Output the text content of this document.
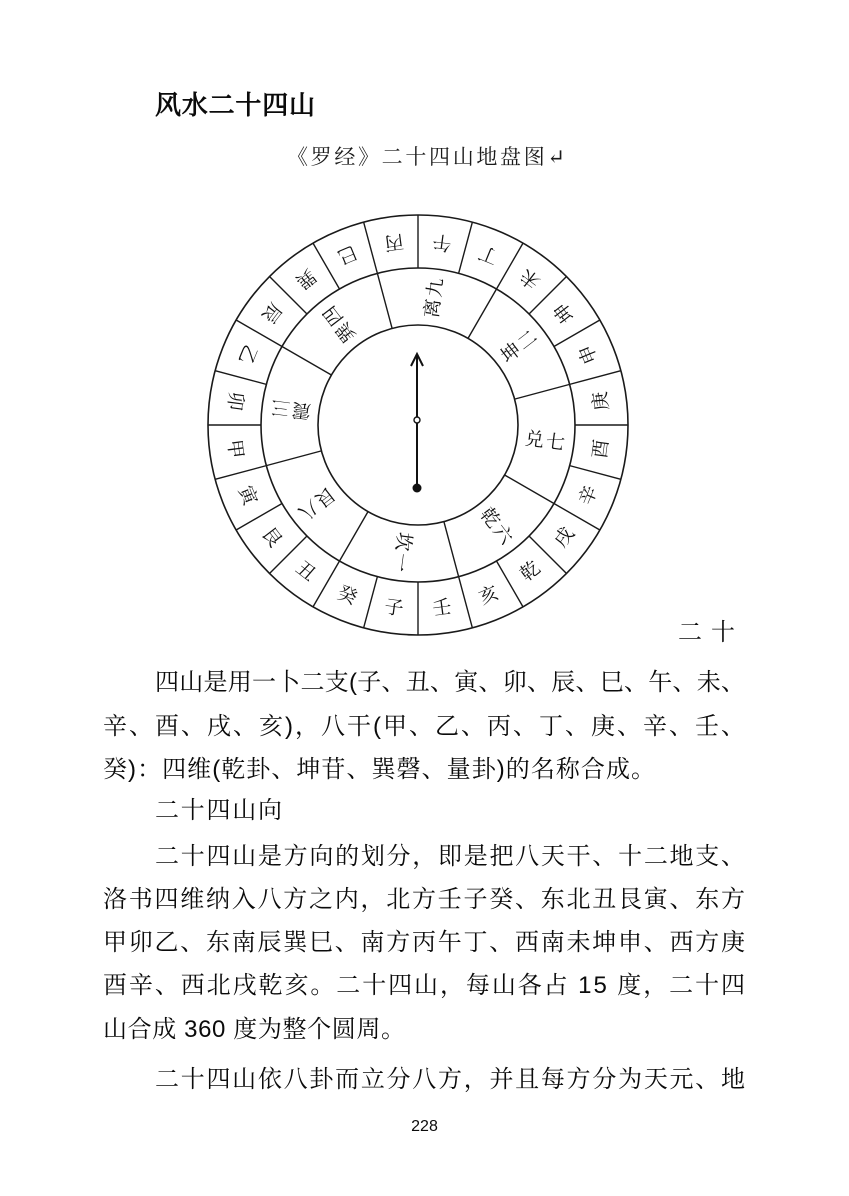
风水二十四山
《罗经》二十四山地盘图↵
午 丁
未
坤
申
庚
酉
辛
戌
乾
亥
壬
子
癸
丑
艮
寅
甲
卯
乙
辰
巽
巳 丙
离九
坤二
兑七
乾六
坎一
艮八
震三
巽四
二十
四山是用一卜二支(子、丑、寅、卯、辰、巳、午、未、
辛、酉、戌、亥)，八干(甲、乙、丙、丁、庚、辛、壬、
癸)：四维(乾卦、坤苷、巽磬、量卦)的名称合成。
二十四山向
二十四山是方向的划分，即是把八天干、十二地支、
洛书四维纳入八方之内，北方壬子癸、东北丑艮寅、东方
甲卯乙、东南辰巽巳、南方丙午丁、西南未坤申、西方庚
酉辛、西北戌乾亥。二十四山，每山各占 15 度，二十四
山合成 360 度为整个圆周。
二十四山依八卦而立分八方，并且每方分为天元、地
228
